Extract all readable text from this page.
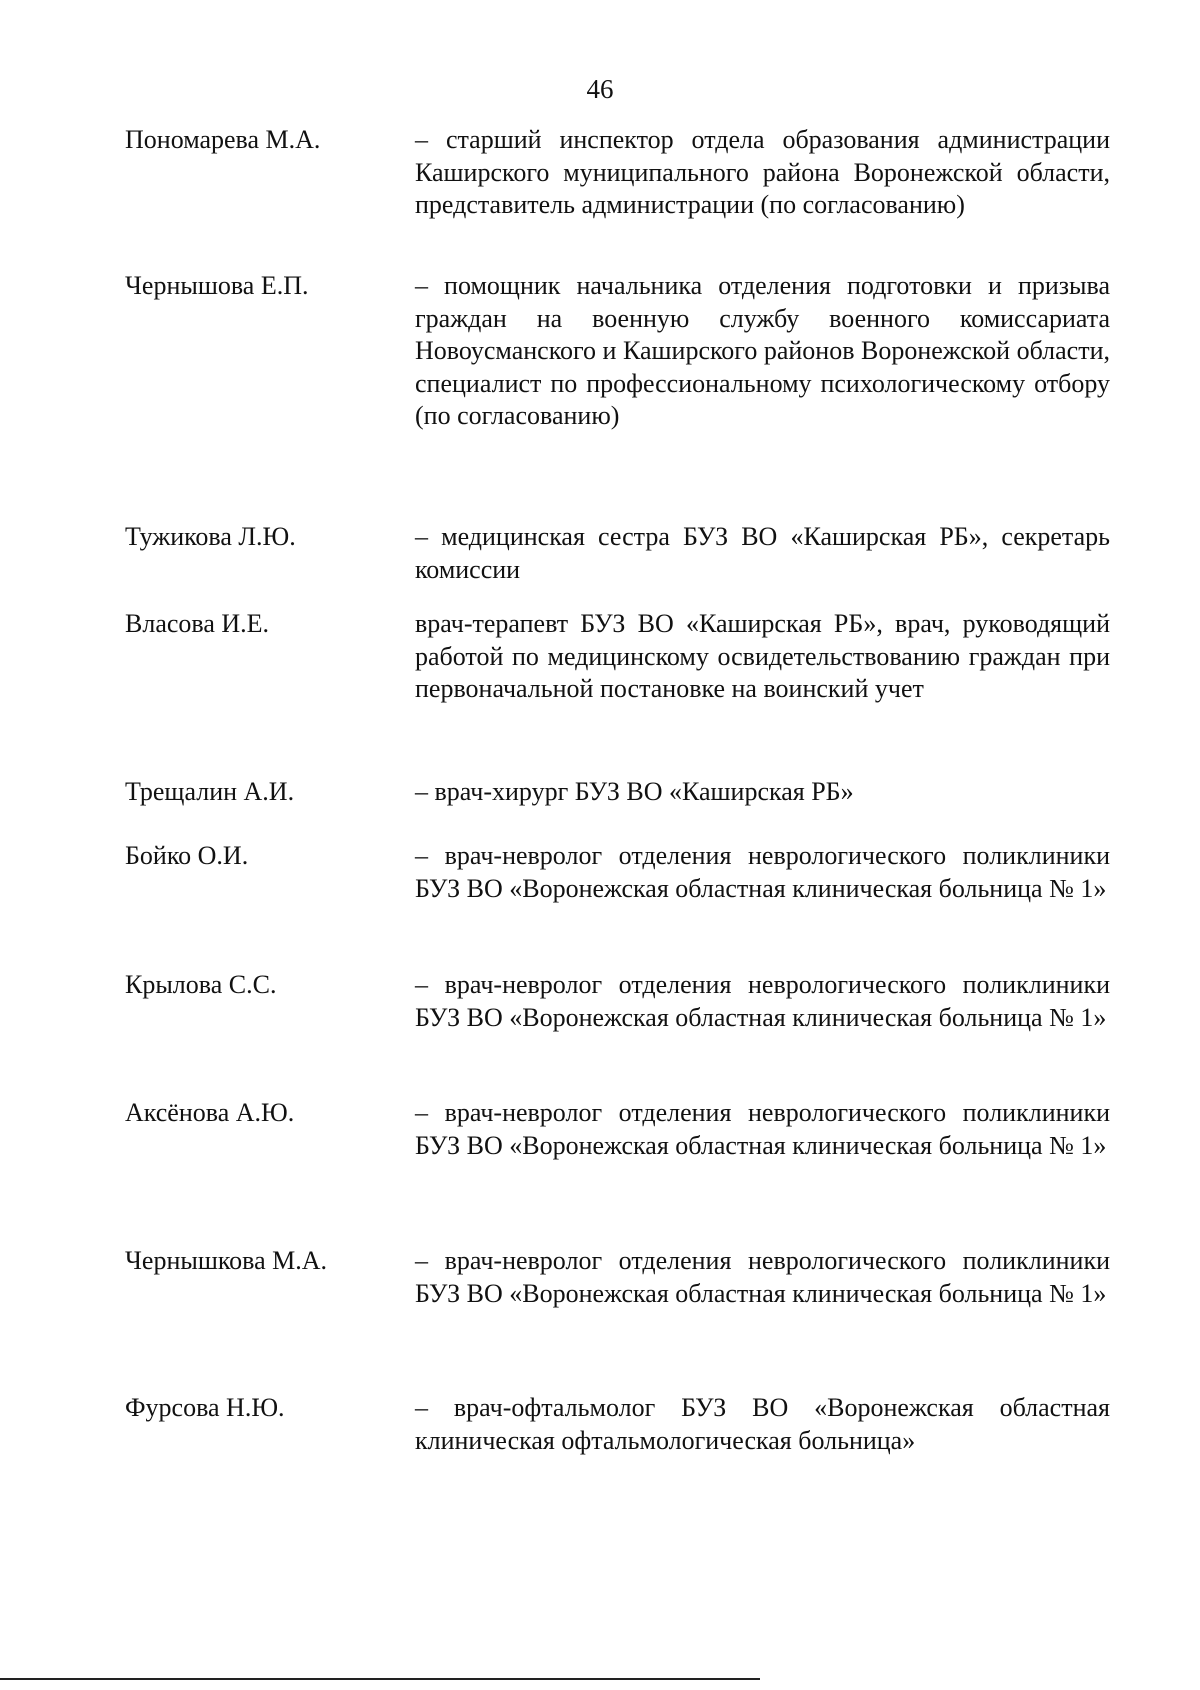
46
Пономарева М.А.	– старший инспектор отдела образования администрации Каширского муниципального района Воронежской области, представитель администрации (по согласованию)
Чернышова Е.П.	– помощник начальника отделения подготовки и призыва граждан на военную службу военного комиссариата Новоусманского и Каширского районов Воронежской области, специалист по профессиональному психологическому отбору (по согласованию)
Тужикова Л.Ю.	– медицинская сестра БУЗ ВО «Каширская РБ», секретарь комиссии
Власова И.Е.	врач-терапевт БУЗ ВО «Каширская РБ», врач, руководящий работой по медицинскому освидетельствованию граждан при первоначальной постановке на воинский учет
Трещалин А.И.	– врач-хирург БУЗ ВО «Каширская РБ»
Бойко О.И.	– врач-невролог отделения неврологического поликлиники БУЗ ВО «Воронежская областная клиническая больница № 1»
Крылова С.С.	– врач-невролог отделения неврологического поликлиники БУЗ ВО «Воронежская областная клиническая больница № 1»
Аксёнова А.Ю.	– врач-невролог отделения неврологического поликлиники БУЗ ВО «Воронежская областная клиническая больница № 1»
Чернышкова М.А.	– врач-невролог отделения неврологического поликлиники БУЗ ВО «Воронежская областная клиническая больница № 1»
Фурсова Н.Ю.	– врач-офтальмолог БУЗ ВО «Воронежская областная клиническая офтальмологическая больница»
